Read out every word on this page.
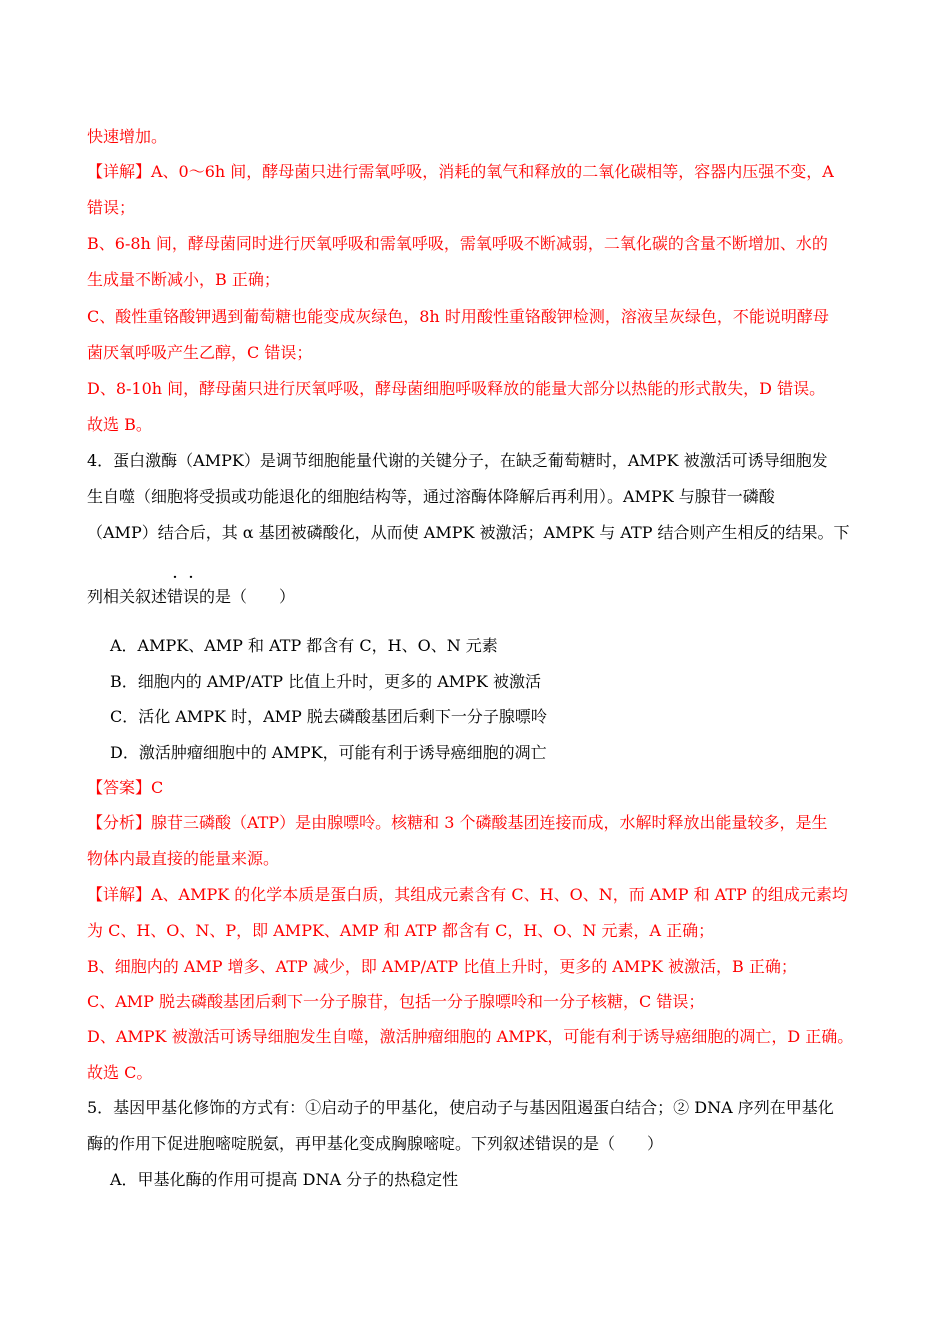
快速增加。
【详解】A、0～6h 间，酵母菌只进行需氧呼吸，消耗的氧气和释放的二氧化碳相等，容器内压强不变，A
错误；
B、6-8h 间，酵母菌同时进行厌氧呼吸和需氧呼吸，需氧呼吸不断减弱，二氧化碳的含量不断增加、水的
生成量不断减小，B 正确；
C、酸性重铬酸钾遇到葡萄糖也能变成灰绿色，8h 时用酸性重铬酸钾检测，溶液呈灰绿色，不能说明酵母
菌厌氧呼吸产生乙醇，C 错误；
D、8-10h 间，酵母菌只进行厌氧呼吸，酵母菌细胞呼吸释放的能量大部分以热能的形式散失，D 错误。
故选 B。
4．蛋白激酶（AMPK）是调节细胞能量代谢的关键分子，在缺乏葡萄糖时，AMPK 被激活可诱导细胞发
生自噬（细胞将受损或功能退化的细胞结构等，通过溶酶体降解后再利用）。AMPK 与腺苷一磷酸
（AMP）结合后，其 α 基团被磷酸化，从而使 AMPK 被激活；AMPK 与 ATP 结合则产生相反的结果。下
列相关叙述错误的是（　　）
A．AMPK、AMP 和 ATP 都含有 C，H、O、N 元素
B．细胞内的 AMP/ATP 比值上升时，更多的 AMPK 被激活
C．活化 AMPK 时，AMP 脱去磷酸基团后剩下一分子腺嘌呤
D．激活肿瘤细胞中的 AMPK，可能有利于诱导癌细胞的凋亡
【答案】C
【分析】腺苷三磷酸（ATP）是由腺嘌呤。核糖和 3 个磷酸基团连接而成，水解时释放出能量较多，是生
物体内最直接的能量来源。
【详解】A、AMPK 的化学本质是蛋白质，其组成元素含有 C、H、O、N，而 AMP 和 ATP 的组成元素均
为 C、H、O、N、P，即 AMPK、AMP 和 ATP 都含有 C，H、O、N 元素，A 正确；
B、细胞内的 AMP 增多、ATP 减少，即 AMP/ATP 比值上升时，更多的 AMPK 被激活，B 正确；
C、AMP 脱去磷酸基团后剩下一分子腺苷，包括一分子腺嘌呤和一分子核糖，C 错误；
D、AMPK 被激活可诱导细胞发生自噬，激活肿瘤细胞的 AMPK，可能有利于诱导癌细胞的凋亡，D 正确。
故选 C。
5．基因甲基化修饰的方式有：①启动子的甲基化，使启动子与基因阻遏蛋白结合；② DNA 序列在甲基化
酶的作用下促进胞嘧啶脱氨，再甲基化变成胸腺嘧啶。下列叙述错误的是（　　）
A．甲基化酶的作用可提高 DNA 分子的热稳定性
